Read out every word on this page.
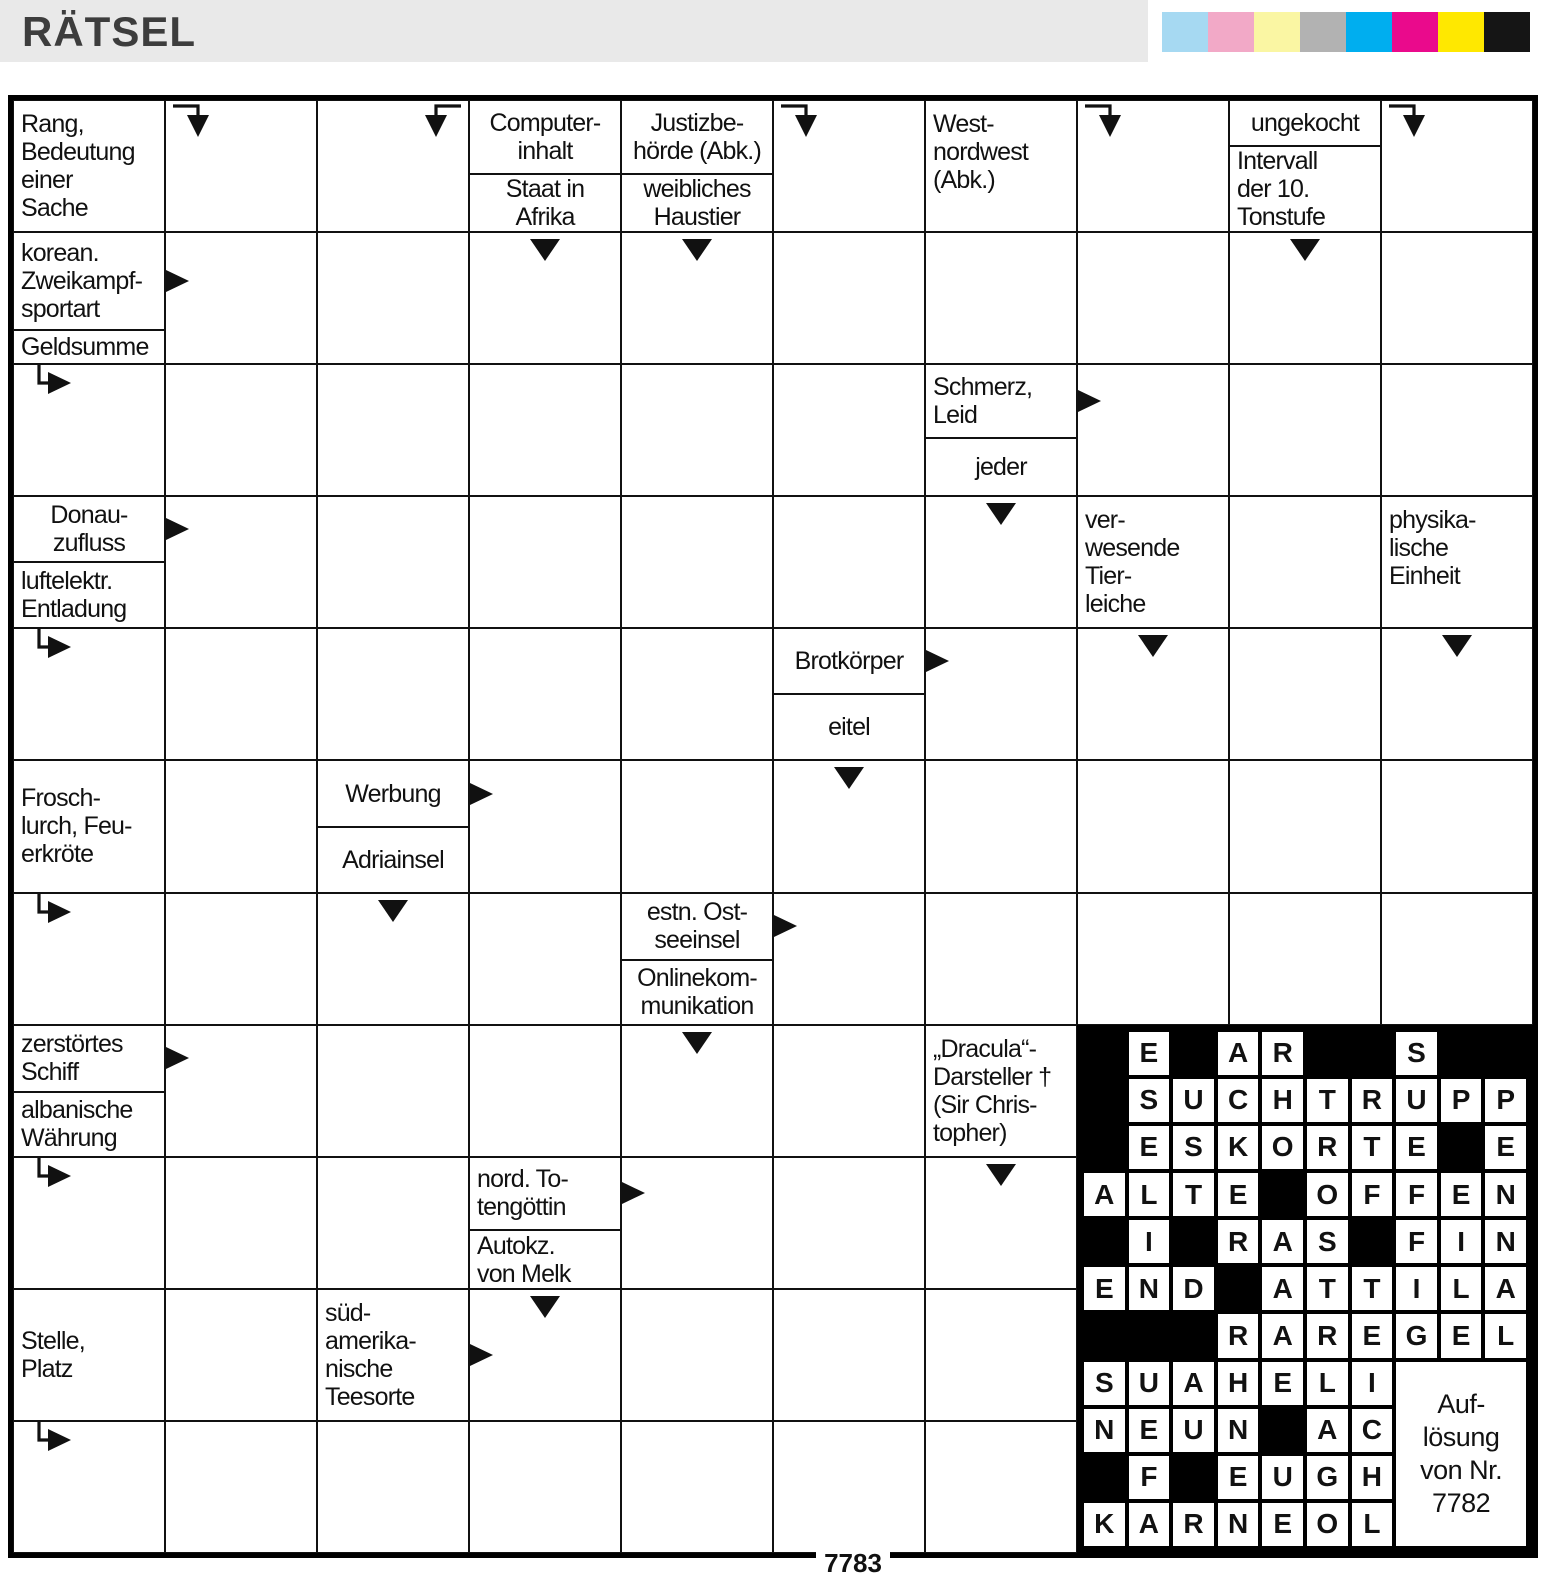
RÄTSEL
E	A R	S
S U C H T R U P P
E S K O R T E	E
A L T E	O F F E N
I	R A S	F	I	N
E N D	A T T	I	L A
R A R E G E L
S U A H E L	I
N E U N	A C
F	E U G H
K A R N E O L
Auf-
lösung
von Nr.
7782
Rang,
Bedeutung
einer
Sache
Computer-
inhalt
Staat in
Afrika
Justizbe-
hörde (Abk.)
weibliches
Haustier
West-
nordwest
(Abk.)
ungekocht
Intervall
der 10.
Tonstufe
korean.
Zweikampf-
sportart
Geldsumme
Schmerz,
Leid
jeder
Donau-
zufluss
luftelektr.
Entladung
ver-
wesende
Tier-
leiche
physika-
lische
Einheit
Brotkörper
eitel
Frosch-
lurch, Feu-
erkröte
Werbung
Adriainsel
estn. Ost-
seeinsel
Onlinekom-
munikation
zerstörtes
Schiff
albanische
Währung
„Dracula“-
Darsteller †
(Sir Chris-
topher)
nord. To-
tengöttin
Autokz.
von Melk
Stelle,
Platz
süd-
amerika-
nische
Teesorte
7783
